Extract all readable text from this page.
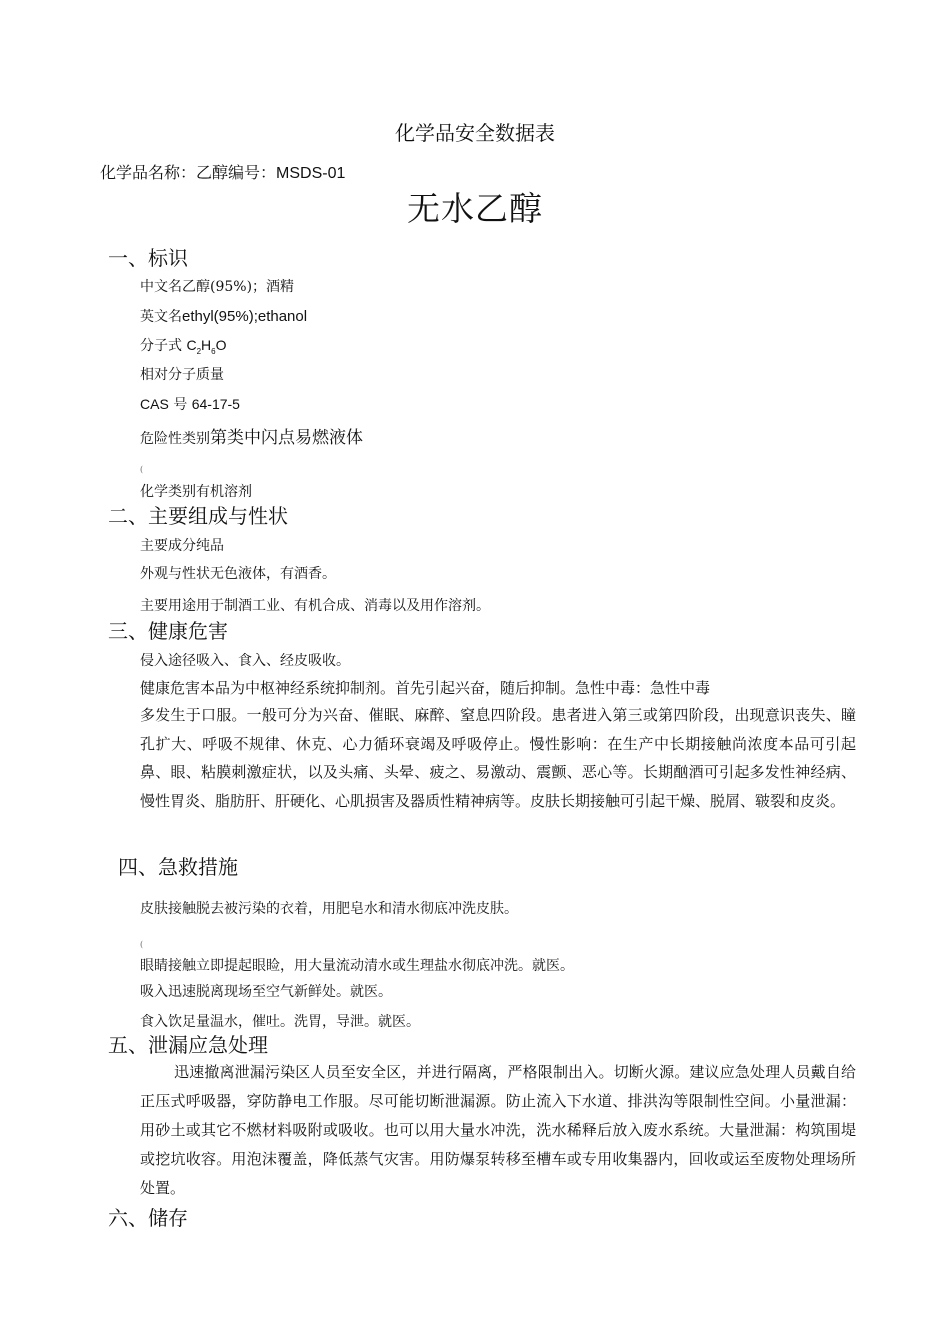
化学品安全数据表
化学品名称：乙醇编号：MSDS-01
无水乙醇
一、标识
中文名乙醇(95%)；酒精
英文名ethyl(95%);ethanol
分子式 $C_2H_6O$
相对分子质量
CAS 号 64-17-5
危险性类别第类中闪点易燃液体
(
化学类别有机溶剂
二、主要组成与性状
主要成分纯品
外观与性状无色液体，有酒香。
主要用途用于制酒工业、有机合成、消毒以及用作溶剂。
三、健康危害
侵入途径吸入、食入、经皮吸收。
健康危害本品为中枢神经系统抑制剂。首先引起兴奋，随后抑制。急性中毒：急性中毒
多发生于口服。一般可分为兴奋、催眠、麻醉、窒息四阶段。患者进入第三或第四阶段，出现意识丧失、瞳孔扩大、呼吸不规律、休克、心力循环衰竭及呼吸停止。慢性影响：在生产中长期接触尚浓度本品可引起鼻、眼、粘膜刺激症状，以及头痛、头晕、疲之、易激动、震颤、恶心等。长期酗酒可引起多发性神经病、慢性胃炎、脂肪肝、肝硬化、心肌损害及器质性精神病等。皮肤长期接触可引起干燥、脱屑、皲裂和皮炎。
四、急救措施
皮肤接触脱去被污染的衣着，用肥皂水和清水彻底冲洗皮肤。
(
眼睛接触立即提起眼睑，用大量流动清水或生理盐水彻底冲洗。就医。
吸入迅速脱离现场至空气新鲜处。就医。
食入饮足量温水，催吐。洗胃，导泄。就医。
五、泄漏应急处理
迅速撤离泄漏污染区人员至安全区，并进行隔离，严格限制出入。切断火源。建议应急处理人员戴自给正压式呼吸器，穿防静电工作服。尽可能切断泄漏源。防止流入下水道、排洪沟等限制性空间。小量泄漏：用砂土或其它不燃材料吸附或吸收。也可以用大量水冲洗，洗水稀释后放入废水系统。大量泄漏：构筑围堤或挖坑收容。用泡沫覆盖，降低蒸气灾害。用防爆泵转移至槽车或专用收集器内，回收或运至废物处理场所处置。
六、储存
